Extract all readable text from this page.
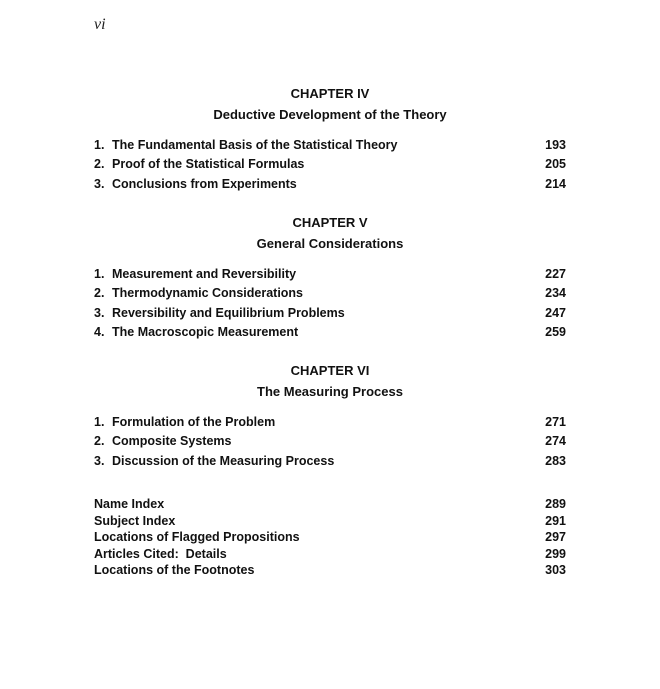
vi
CHAPTER IV
Deductive Development of the Theory
1. The Fundamental Basis of the Statistical Theory	193
2. Proof of the Statistical Formulas	205
3. Conclusions from Experiments	214
CHAPTER V
General Considerations
1. Measurement and Reversibility	227
2. Thermodynamic Considerations	234
3. Reversibility and Equilibrium Problems	247
4. The Macroscopic Measurement	259
CHAPTER VI
The Measuring Process
1. Formulation of the Problem	271
2. Composite Systems	274
3. Discussion of the Measuring Process	283
Name Index	289
Subject Index	291
Locations of Flagged Propositions	297
Articles Cited:  Details	299
Locations of the Footnotes	303
